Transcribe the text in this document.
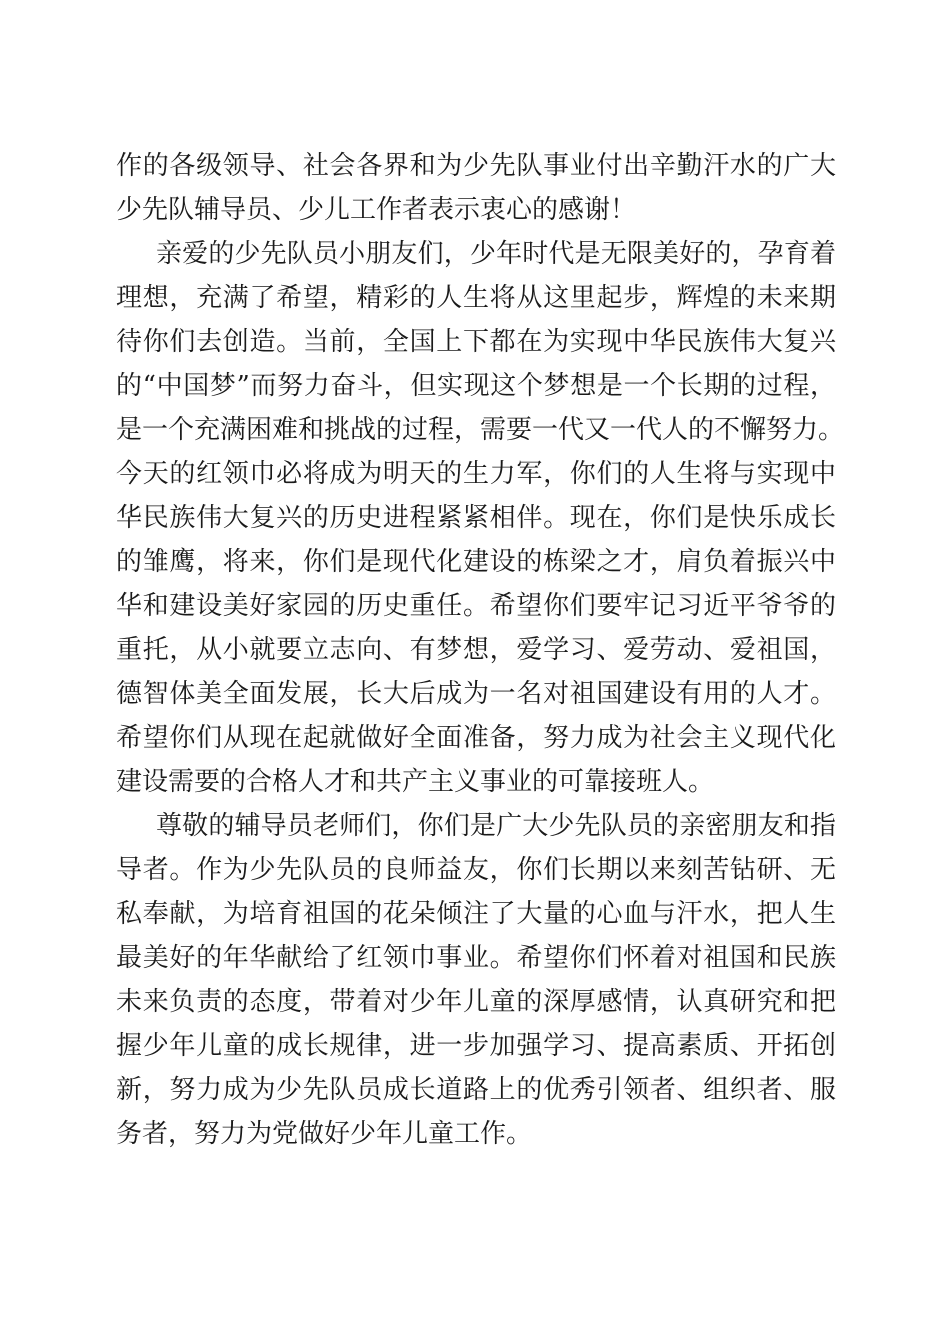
作的各级领导、社会各界和为少先队事业付出辛勤汗水的广大
少先队辅导员、少儿工作者表示衷心的感谢！
亲爱的少先队员小朋友们，少年时代是无限美好的，孕育着
理想，充满了希望，精彩的人生将从这里起步，辉煌的未来期
待你们去创造。当前，全国上下都在为实现中华民族伟大复兴
的“中国梦”而努力奋斗，但实现这个梦想是一个长期的过程，
是一个充满困难和挑战的过程，需要一代又一代人的不懈努力。
今天的红领巾必将成为明天的生力军，你们的人生将与实现中
华民族伟大复兴的历史进程紧紧相伴。现在，你们是快乐成长
的雏鹰，将来，你们是现代化建设的栋梁之才，肩负着振兴中
华和建设美好家园的历史重任。希望你们要牢记习近平爷爷的
重托，从小就要立志向、有梦想，爱学习、爱劳动、爱祖国，
德智体美全面发展，长大后成为一名对祖国建设有用的人才。
希望你们从现在起就做好全面准备，努力成为社会主义现代化
建设需要的合格人才和共产主义事业的可靠接班人。
尊敬的辅导员老师们，你们是广大少先队员的亲密朋友和指
导者。作为少先队员的良师益友，你们长期以来刻苦钻研、无
私奉献，为培育祖国的花朵倾注了大量的心血与汗水，把人生
最美好的年华献给了红领巾事业。希望你们怀着对祖国和民族
未来负责的态度，带着对少年儿童的深厚感情，认真研究和把
握少年儿童的成长规律，进一步加强学习、提高素质、开拓创
新，努力成为少先队员成长道路上的优秀引领者、组织者、服
务者，努力为党做好少年儿童工作。
